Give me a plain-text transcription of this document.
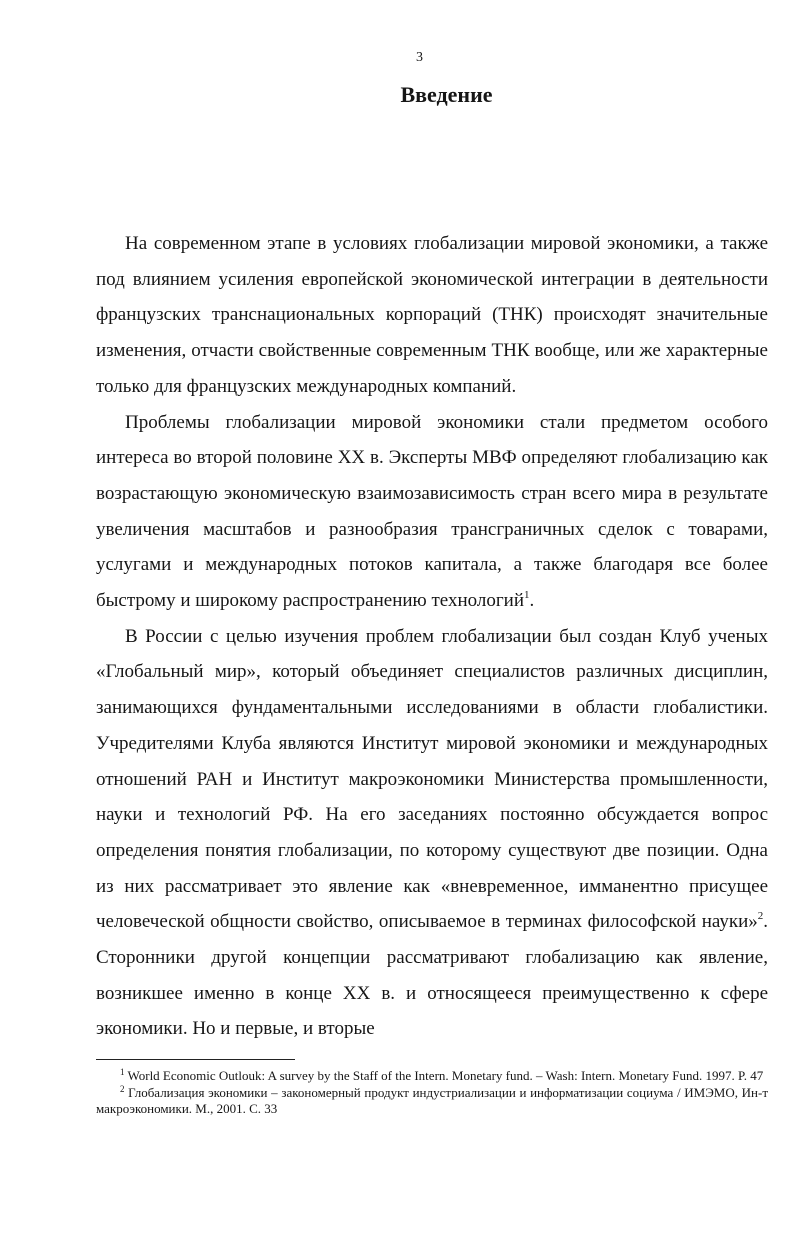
3
Введение

На современном этапе в условиях глобализации мировой экономики, а также под влиянием усиления европейской экономической интеграции в деятельности французских транснациональных корпораций (ТНК) происходят значительные изменения, отчасти свойственные современным ТНК вообще, или же характерные только для французских международных компаний.

Проблемы глобализации мировой экономики стали предметом особого интереса во второй половине XX в. Эксперты МВФ определяют глобализацию как возрастающую экономическую взаимозависимость стран всего мира в результате увеличения масштабов и разнообразия трансграничных сделок с товарами, услугами и международных потоков капитала, а также благодаря все более быстрому и широкому распространению технологий$^1$.

В России с целью изучения проблем глобализации был создан Клуб ученых «Глобальный мир», который объединяет специалистов различных дисциплин, занимающихся фундаментальными исследованиями в области глобалистики. Учредителями Клуба являются Институт мировой экономики и международных отношений РАН и Институт макроэкономики Министерства промышленности, науки и технологий РФ. На его заседаниях постоянно обсуждается вопрос определения понятия глобализации, по которому существуют две позиции. Одна из них рассматривает это явление как «вневременное, имманентно присущее человеческой общности свойство, описываемое в терминах философской науки»$^2$. Сторонники другой концепции рассматривают глобализацию как явление, возникшее именно в конце XX в. и относящееся преимущественно к сфере экономики. Но и первые, и вторые

$^1$ World Economic Outlouk: A survey by the Staff of the Intern. Monetary fund. – Wash: Intern. Monetary Fund. 1997. P. 47

$^2$ Глобализация экономики – закономерный продукт индустриализации и информатизации социума / ИМЭМО, Ин-т макроэкономики. М., 2001. С. 33
